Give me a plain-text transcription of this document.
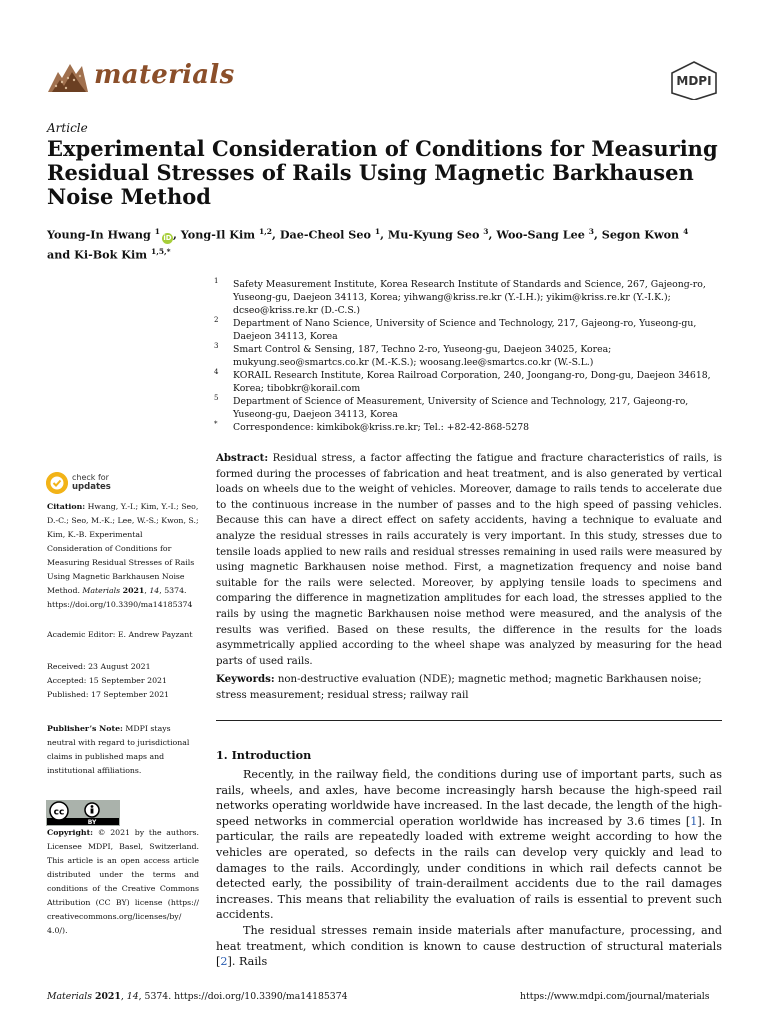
materials	MDPI
Article
Experimental Consideration of Conditions for Measuring Residual Stresses of Rails Using Magnetic Barkhausen Noise Method
Young-In Hwang $^1$iD, Yong-Il Kim $^{1,2}$, Dae-Cheol Seo $^1$, Mu-Kyung Seo $^3$, Woo-Sang Lee $^3$, Segon Kwon $^4$
and Ki-Bok Kim $^{1,5,*}$
1 Safety Measurement Institute, Korea Research Institute of Standards and Science, 267, Gajeong-ro, Yuseong-gu, Daejeon 34113, Korea; yihwang@kriss.re.kr (Y.-I.H.); yikim@kriss.re.kr (Y.-I.K.); dcseo@kriss.re.kr (D.-C.S.)
2 Department of Nano Science, University of Science and Technology, 217, Gajeong-ro, Yuseong-gu, Daejeon 34113, Korea
3 Smart Control & Sensing, 187, Techno 2-ro, Yuseong-gu, Daejeon 34025, Korea; mukyung.seo@smartcs.co.kr (M.-K.S.); woosang.lee@smartcs.co.kr (W.-S.L.)
4 KORAIL Research Institute, Korea Railroad Corporation, 240, Joongang-ro, Dong-gu, Daejeon 34618, Korea; tibobkr@korail.com
5 Department of Science of Measurement, University of Science and Technology, 217, Gajeong-ro, Yuseong-gu, Daejeon 34113, Korea
* Correspondence: kimkibok@kriss.re.kr; Tel.: +82-42-868-5278
Abstract: Residual stress, a factor affecting the fatigue and fracture characteristics of rails, is formed during the processes of fabrication and heat treatment, and is also generated by vertical loads on wheels due to the weight of vehicles. Moreover, damage to rails tends to accelerate due to the continuous increase in the number of passes and to the high speed of passing vehicles. Because this can have a direct effect on safety accidents, having a technique to evaluate and analyze the residual stresses in rails accurately is very important. In this study, stresses due to tensile loads applied to new rails and residual stresses remaining in used rails were measured by using magnetic Barkhausen noise method. First, a magnetization frequency and noise band suitable for the rails were selected. Moreover, by applying tensile loads to specimens and comparing the difference in magnetization amplitudes for each load, the stresses applied to the rails by using the magnetic Barkhausen noise method were measured, and the analysis of the results was verified. Based on these results, the difference in the results for the loads asymmetrically applied according to the wheel shape was analyzed by measuring for the head parts of used rails.
Keywords: non-destructive evaluation (NDE); magnetic method; magnetic Barkhausen noise; stress measurement; residual stress; railway rail
1. Introduction

Recently, in the railway field, the conditions during use of important parts, such as rails, wheels, and axles, have become increasingly harsh because the high-speed rail networks operating worldwide have increased. In the last decade, the length of the high-speed networks in commercial operation worldwide has increased by 3.6 times [1]. In particular, the rails are repeatedly loaded with extreme weight according to how the vehicles are operated, so defects in the rails can develop very quickly and lead to damages to the rails. Accordingly, under conditions in which rail defects cannot be detected early, the possibility of train-derailment accidents due to the rail damages increases. This means that reliability the evaluation of rails is essential to prevent such accidents.

The residual stresses remain inside materials after manufacture, processing, and heat treatment, which condition is known to cause destruction of structural materials [2]. Rails

check for
updates
Citation: Hwang, Y.-I.; Kim, Y.-I.; Seo, D.-C.; Seo, M.-K.; Lee, W.-S.; Kwon, S.; Kim, K.-B. Experimental Consideration of Conditions for Measuring Residual Stresses of Rails Using Magnetic Barkhausen Noise Method. Materials 2021, 14, 5374. https://doi.org/10.3390/ma14185374
Academic Editor: E. Andrew Payzant
Received: 23 August 2021
Accepted: 15 September 2021
Published: 17 September 2021
Publisher’s Note: MDPI stays neutral with regard to jurisdictional claims in published maps and institutional affiliations.
cc
BY
Copyright: © 2021 by the authors. Licensee MDPI, Basel, Switzerland. This article is an open access article distributed under the terms and conditions of the Creative Commons Attribution (CC BY) license (https:// creativecommons.org/licenses/by/ 4.0/).
Materials 2021, 14, 5374. https://doi.org/10.3390/ma14185374	https://www.mdpi.com/journal/materials
